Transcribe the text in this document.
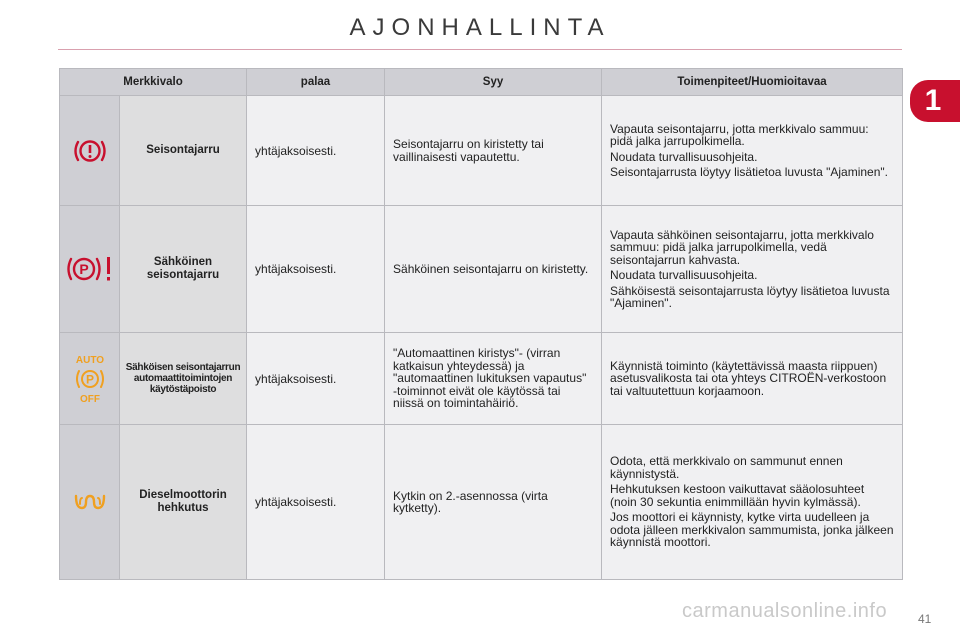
AJONHALLINTA
1
Merkkivalo		palaa	Syy	Toimenpiteet/Huomioitavaa

	Seisontajarru	yhtäjaksoisesti.	Seisontajarru on kiristetty tai vaillinaisesti vapautettu.	Vapauta seisontajarru, jotta merkkivalo sammuu: pidä jalka jarrupolkimella.

Noudata turvallisuusohjeita.

Seisontajarrusta löytyy lisätietoa luvusta "Ajaminen".

P	Sähköinen seisontajarru	yhtäjaksoisesti.	Sähköinen seisontajarru on kiristetty.	Vapauta sähköinen seisontajarru, jotta merkkivalo sammuu: pidä jalka jarrupolkimella, vedä seisontajarrun kahvasta.

Noudata turvallisuusohjeita.

Sähköisestä seisontajarrusta löytyy lisätietoa luvusta "Ajaminen".

AUTO
P
OFF	Sähköisen seisontajarrun automaattitoimintojen käytöstäpoisto	yhtäjaksoisesti.	"Automaattinen kiristys"- (virran katkaisun yhteydessä) ja "automaattinen lukituksen vapautus" -toiminnot eivät ole käytössä tai niissä on toimintahäiriö.	Käynnistä toiminto (käytettävissä maasta riippuen) asetusvalikosta tai ota yhteys CITROËN-verkostoon tai valtuutettuun korjaamoon.

	Dieselmoottorin hehkutus	yhtäjaksoisesti.	Kytkin on 2.-asennossa (virta kytketty).	Odota, että merkkivalo on sammunut ennen käynnistystä.

Hehkutuksen kestoon vaikuttavat sääolosuhteet (noin 30 sekuntia enimmillään hyvin kylmässä).

Jos moottori ei käynnisty, kytke virta uudelleen ja odota jälleen merkkivalon sammumista, jonka jälkeen käynnistä moottori.

carmanualsonline.info	41
